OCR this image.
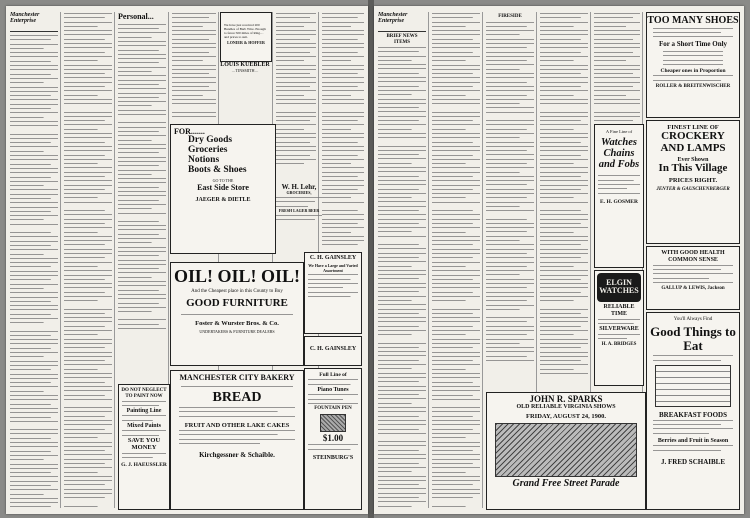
Manchester Enterprise	Personal...
We have just received 200 Bundles of Barb Wire. Enough to fence 500 miles of Ring… and prices to suit.
LONIER & HOFFER
LOUIS KUEBLER
…TINSMITH…
FOR.......
Dry Goods
Groceries
Notions
Boots & Shoes
GO TO THE
East Side Store
JAEGER & DIETLE
W. H. Lehr,
GROCERIES,
FRESH LAGER BEER
C. H. GAINSLEY
We Have a Large and Varied Assortment
OIL! OIL! OIL!
And the Cheapest place in this County to Buy
GOOD FURNITURE
Foster & Wurster Bros. & Co.
UNDERTAKERS & FURNITURE DEALERS
C. H. GAINSLEY
DO NOT NEGLECT
TO PAINT NOW
Painting Line
Mixed Paints
SAVE YOU MONEY
G. J. HAEUSSLER
MANCHESTER CITY BAKERY
BREAD
FRUIT AND OTHER LAKE CAKES
Kirchgessner & Schaible.
Full Line of
Piano Tunes
FOUNTAIN PEN
$1.00
STEINBURG'S
Manchester Enterprise
BRIEF NEWS ITEMS
FIRESIDE	TOO MANY SHOES
For a Short Time Only
Cheaper ones in Proportion
ROLLER & BREITENWISCHER
A Fine Line of
Watches Chains and Fobs
E. H. GOSMER
FINEST LINE OF
CROCKERY
AND LAMPS
Ever Shown
In This Village
PRICES RIGHT.
JENTER & GAUSCHENBERGER
ELGIN WATCHES
RELIABLE TIME
SILVERWARE
H. A. BRIDGES
WITH GOOD HEALTH
COMMON SENSE
GALLUP & LEWIS, Jackson
You'll Always Find
Good Things to Eat
BREAKFAST FOODS
Berries and Fruit in Season
J. FRED SCHAIBLE
JOHN R. SPARKS
OLD RELIABLE VIRGINIA SHOWS
FRIDAY, AUGUST 24, 1900.
Grand Free Street Parade
